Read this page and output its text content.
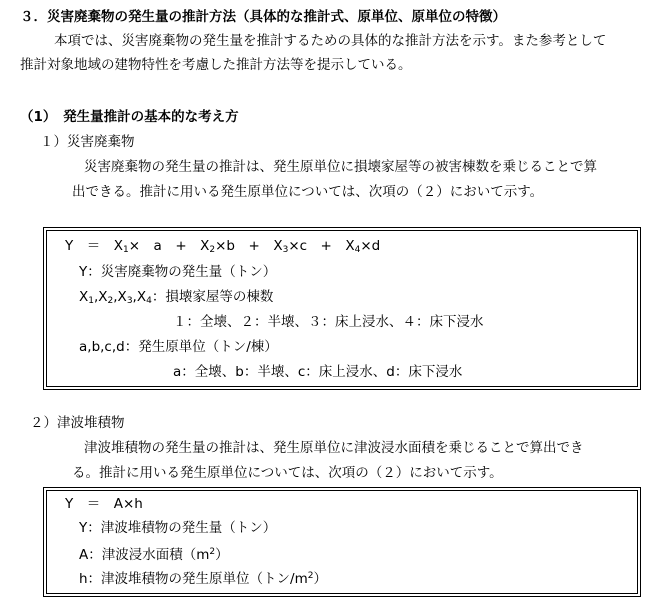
３．災害廃棄物の発生量の推計方法（具体的な推計式、原単位、原単位の特徴）
本項では、災害廃棄物の発生量を推計するための具体的な推計方法を示す。また参考として
推計対象地域の建物特性を考慮した推計方法等を提示している。
（1）　発生量推計の基本的な考え方
１）災害廃棄物
災害廃棄物の発生量の推計は、発生原単位に損壊家屋等の被害棟数を乗じることで算
出できる。推計に用いる発生原単位については、次項の（２）において示す。
Y　＝　$X_1\times$　a　+　$X_2\times b$　+　$X_3\times c$　+　$X_4\times d$
Y：災害廃棄物の発生量（トン）
$X_1,X_2,X_3,X_4$：損壊家屋等の棟数
１：全壊、２：半壊、３：床上浸水、４：床下浸水
a,b,c,d：発生原単位（トン/棟）
a：全壊、b：半壊、c：床上浸水、d：床下浸水
２）津波堆積物
津波堆積物の発生量の推計は、発生原単位に津波浸水面積を乗じることで算出でき
る。推計に用いる発生原単位については、次項の（２）において示す。
Y　＝　A×h
Y：津波堆積物の発生量（トン）
A：津波浸水面積$(m^2)$
h：津波堆積物の発生原単位（トン$/m^2$）
